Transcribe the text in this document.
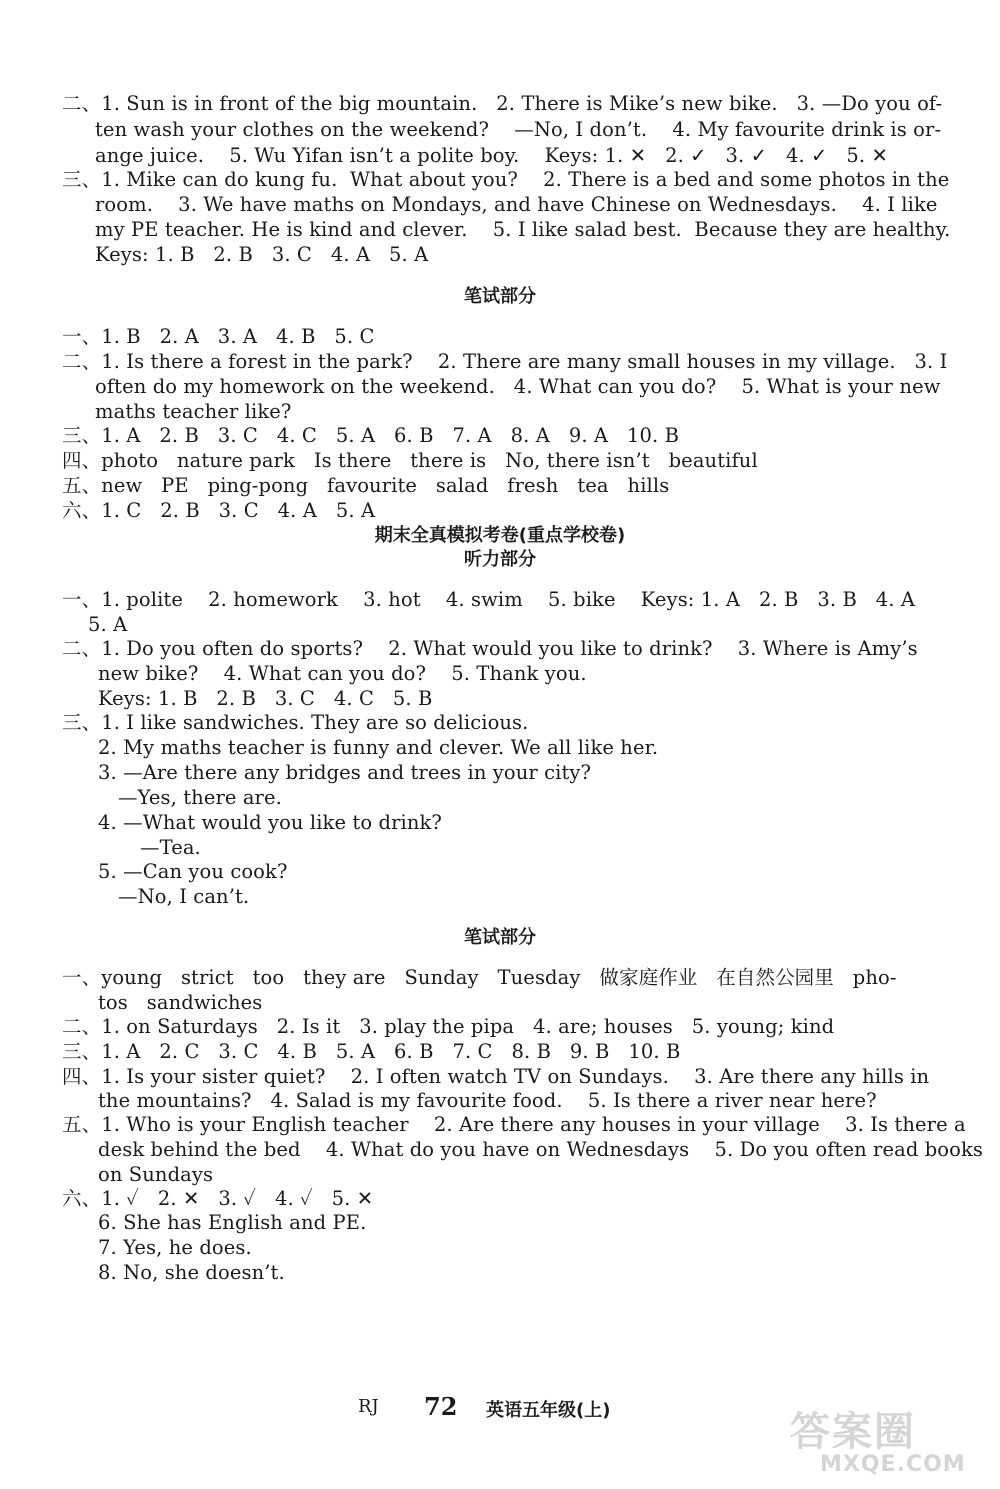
二、1. Sun is in front of the big mountain.   2. There is Mike’s new bike.   3. —Do you of-
ten wash your clothes on the weekend?    —No, I don’t.    4. My favourite drink is or-
ange juice.    5. Wu Yifan isn’t a polite boy.    Keys: 1. ✕   2. ✓   3. ✓   4. ✓   5. ✕
三、1. Mike can do kung fu.  What about you?    2. There is a bed and some photos in the
room.    3. We have maths on Mondays, and have Chinese on Wednesdays.    4. I like
my PE teacher. He is kind and clever.    5. I like salad best.  Because they are healthy.
Keys: 1. B   2. B   3. C   4. A   5. A
笔试部分
一、1. B   2. A   3. A   4. B   5. C
二、1. Is there a forest in the park?    2. There are many small houses in my village.   3. I
often do my homework on the weekend.   4. What can you do?    5. What is your new
maths teacher like?
三、1. A   2. B   3. C   4. C   5. A   6. B   7. A   8. A   9. A   10. B
四、photo   nature park   Is there   there is   No, there isn’t   beautiful
五、new   PE   ping-pong   favourite   salad   fresh   tea   hills
六、1. C   2. B   3. C   4. A   5. A
期末全真模拟考卷(重点学校卷)
听力部分
一、1. polite    2. homework    3. hot    4. swim    5. bike    Keys: 1. A   2. B   3. B   4. A
5. A
二、1. Do you often do sports?    2. What would you like to drink?    3. Where is Amy’s
new bike?    4. What can you do?    5. Thank you.
Keys: 1. B   2. B   3. C   4. C   5. B
三、1. I like sandwiches. They are so delicious.
2. My maths teacher is funny and clever. We all like her.
3. —Are there any bridges and trees in your city?
—Yes, there are.
4. —What would you like to drink?
—Tea.
5. —Can you cook?
—No, I can’t.
笔试部分
一、young   strict   too   they are   Sunday   Tuesday   做家庭作业   在自然公园里   pho-
tos   sandwiches
二、1. on Saturdays   2. Is it   3. play the pipa   4. are; houses   5. young; kind
三、1. A   2. C   3. C   4. B   5. A   6. B   7. C   8. B   9. B   10. B
四、1. Is your sister quiet?    2. I often watch TV on Sundays.    3. Are there any hills in
the mountains?   4. Salad is my favourite food.    5. Is there a river near here?
五、1. Who is your English teacher    2. Are there any houses in your village    3. Is there a
desk behind the bed    4. What do you have on Wednesdays    5. Do you often read books
on Sundays
六、1. ✓   2. ✕   3. ✓   4. ✓   5. ✕
6. She has English and PE.
7. Yes, he does.
8. No, she doesn’t.
RJ 72 英语五年级(上)	答案圈
MXQE.COM
